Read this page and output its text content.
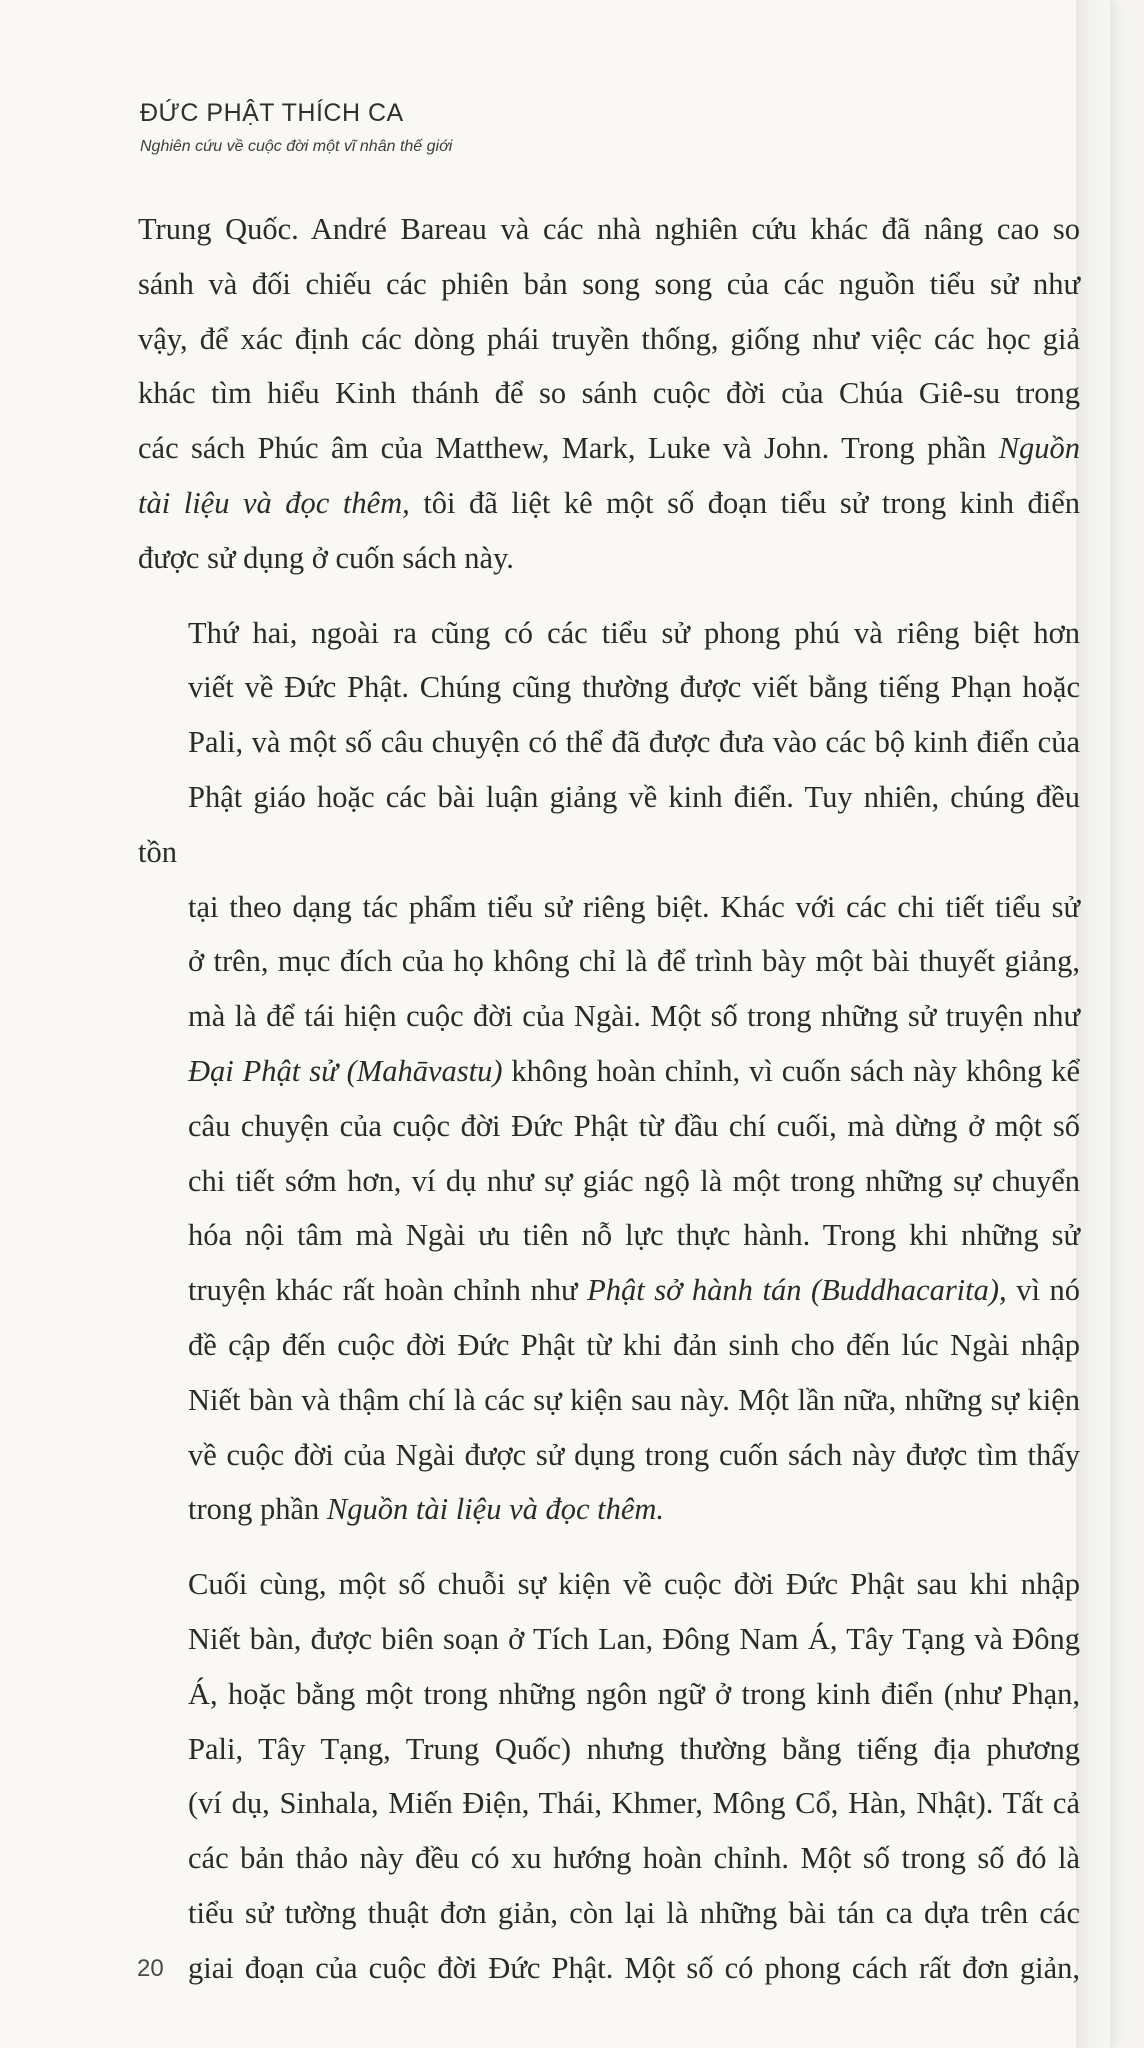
ĐỨC PHẬT THÍCH CA
Nghiên cứu về cuộc đời một vĩ nhân thế giới

Trung Quốc. André Bareau và các nhà nghiên cứu khác đã nâng cao so
sánh và đối chiếu các phiên bản song song của các nguồn tiểu sử như
vậy, để xác định các dòng phái truyền thống, giống như việc các học giả
khác tìm hiểu Kinh thánh để so sánh cuộc đời của Chúa Giê-su trong
các sách Phúc âm của Matthew, Mark, Luke và John. Trong phần Nguồn
tài liệu và đọc thêm, tôi đã liệt kê một số đoạn tiểu sử trong kinh điển
được sử dụng ở cuốn sách này.

Thứ hai, ngoài ra cũng có các tiểu sử phong phú và riêng biệt hơn
viết về Đức Phật. Chúng cũng thường được viết bằng tiếng Phạn hoặc
Pali, và một số câu chuyện có thể đã được đưa vào các bộ kinh điển của
Phật giáo hoặc các bài luận giảng về kinh điển. Tuy nhiên, chúng đều tồn
tại theo dạng tác phẩm tiểu sử riêng biệt. Khác với các chi tiết tiểu sử
ở trên, mục đích của họ không chỉ là để trình bày một bài thuyết giảng,
mà là để tái hiện cuộc đời của Ngài. Một số trong những sử truyện như
Đại Phật sử (Mahāvastu) không hoàn chỉnh, vì cuốn sách này không kể
câu chuyện của cuộc đời Đức Phật từ đầu chí cuối, mà dừng ở một số
chi tiết sớm hơn, ví dụ như sự giác ngộ là một trong những sự chuyển
hóa nội tâm mà Ngài ưu tiên nỗ lực thực hành. Trong khi những sử
truyện khác rất hoàn chỉnh như Phật sở hành tán (Buddhacarita), vì nó
đề cập đến cuộc đời Đức Phật từ khi đản sinh cho đến lúc Ngài nhập
Niết bàn và thậm chí là các sự kiện sau này. Một lần nữa, những sự kiện
về cuộc đời của Ngài được sử dụng trong cuốn sách này được tìm thấy
trong phần Nguồn tài liệu và đọc thêm.

Cuối cùng, một số chuỗi sự kiện về cuộc đời Đức Phật sau khi nhập
Niết bàn, được biên soạn ở Tích Lan, Đông Nam Á, Tây Tạng và Đông
Á, hoặc bằng một trong những ngôn ngữ ở trong kinh điển (như Phạn,
Pali, Tây Tạng, Trung Quốc) nhưng thường bằng tiếng địa phương
(ví dụ, Sinhala, Miến Điện, Thái, Khmer, Mông Cổ, Hàn, Nhật). Tất cả
các bản thảo này đều có xu hướng hoàn chỉnh. Một số trong số đó là
tiểu sử tường thuật đơn giản, còn lại là những bài tán ca dựa trên các
giai đoạn của cuộc đời Đức Phật. Một số có phong cách rất đơn giản,

20
